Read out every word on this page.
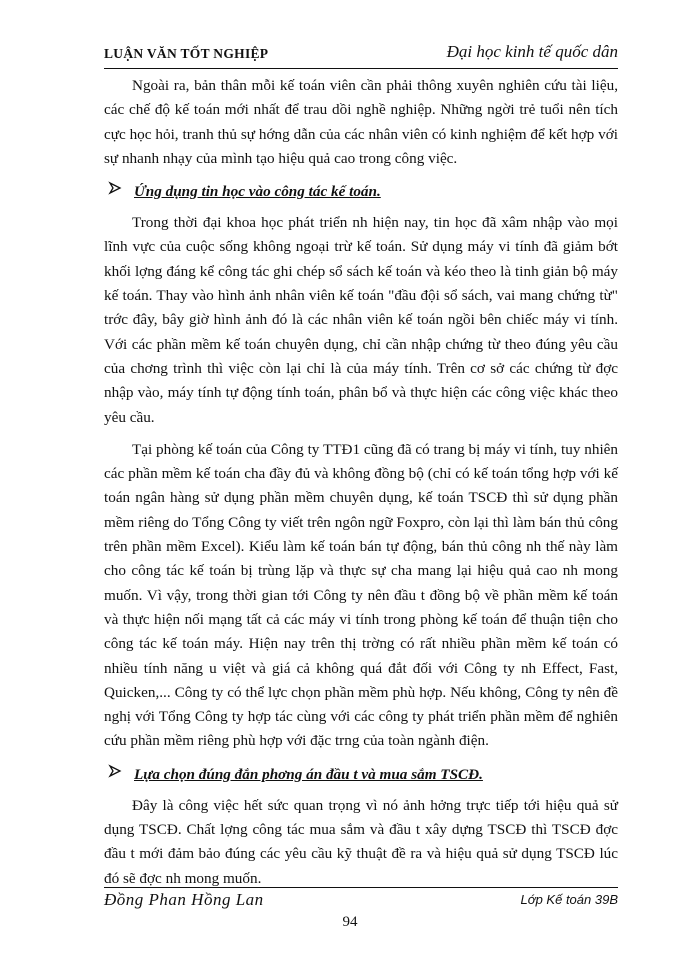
LUẬN VĂN TỐT NGHIỆP	Đại học kinh tế quốc dân

Ngoài ra, bản thân mỗi kế toán viên cần phải thông xuyên nghiên cứu tài liệu, các chế độ kế toán mới nhất để trau dồi nghề nghiệp. Những ngời trẻ tuổi nên tích cực học hỏi, tranh thủ sự hớng dẫn của các nhân viên có kinh nghiệm để kết hợp với sự nhanh nhạy của mình tạo hiệu quả cao trong công việc.

Ứng dụng tin học vào công tác kế toán.

Trong thời đại khoa học phát triển nh hiện nay, tin học đã xâm nhập vào mọi lĩnh vực của cuộc sống không ngoại trừ kế toán. Sử dụng máy vi tính đã giảm bớt khối lợng đáng kể công tác ghi chép sổ sách kế toán và kéo theo là tinh giản bộ máy kế toán. Thay vào hình ảnh nhân viên kế toán "đầu đội sổ sách, vai mang chứng từ" trớc đây, bây giờ hình ảnh đó là các nhân viên kế toán ngồi bên chiếc máy vi tính. Với các phần mềm kế toán chuyên dụng, chỉ cần nhập chứng từ theo đúng yêu cầu của chơng trình thì việc còn lại chỉ là của máy tính. Trên cơ sở các chứng từ đợc nhập vào, máy tính tự động tính toán, phân bổ và thực hiện các công việc khác theo yêu cầu.

Tại phòng kế toán của Công ty TTĐ1 cũng đã có trang bị máy vi tính, tuy nhiên các phần mềm kế toán cha đầy đủ và không đồng bộ (chỉ có kế toán tổng hợp với kế toán ngân hàng sử dụng phần mềm chuyên dụng, kế toán TSCĐ thì sử dụng phần mềm riêng do Tổng Công ty viết trên ngôn ngữ Foxpro, còn lại thì làm bán thủ công trên phần mềm Excel). Kiểu làm kế toán bán tự động, bán thủ công nh thế này làm cho công tác kế toán bị trùng lặp và thực sự cha mang lại hiệu quả cao nh mong muốn. Vì vậy, trong thời gian tới Công ty nên đầu t đồng bộ về phần mềm kế toán và thực hiện nối mạng tất cả các máy vi tính trong phòng kế toán để thuận tiện cho công tác kế toán máy. Hiện nay trên thị trờng có rất nhiều phần mềm kế toán có nhiều tính năng u việt và giá cả không quá đắt đối với Công ty nh Effect, Fast, Quicken,... Công ty có thể lực chọn phần mềm phù hợp. Nếu không, Công ty nên đề nghị với Tổng Công ty hợp tác cùng với các công ty phát triển phần mềm để nghiên cứu phần mềm riêng phù hợp với đặc trng của toàn ngành điện.

Lựa chọn đúng đắn phơng án đầu t và mua sắm TSCĐ.

Đây là công việc hết sức quan trọng vì nó ảnh hởng trực tiếp tới hiệu quả sử dụng TSCĐ. Chất lợng công tác mua sắm và đầu t xây dựng TSCĐ thì TSCĐ đợc đầu t mới đảm bảo đúng các yêu cầu kỹ thuật đề ra và hiệu quả sử dụng TSCĐ lúc đó sẽ đợc nh mong muốn.

Đồng Phan Hồng Lan	Lớp Kế toán 39B
94
